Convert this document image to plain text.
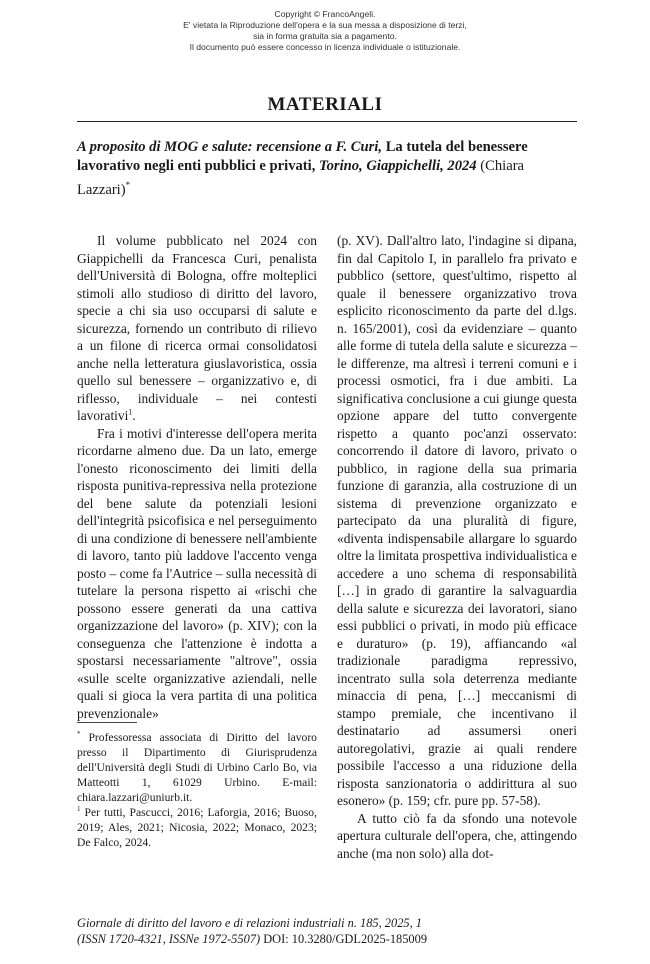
Copyright © FrancoAngeli.
E' vietata la Riproduzione dell'opera e la sua messa a disposizione di terzi,
sia in forma gratuita sia a pagamento.
Il documento può essere concesso in licenza individuale o istituzionale.
MATERIALI
A proposito di MOG e salute: recensione a F. Curi, La tutela del benessere lavorativo negli enti pubblici e privati, Torino, Giappichelli, 2024 (Chiara Lazzari)*

Il volume pubblicato nel 2024 con Giappichelli da Francesca Curi, penalista dell'Università di Bologna, offre molteplici stimoli allo studioso di diritto del lavoro, specie a chi sia uso occuparsi di salute e sicurezza, fornendo un contributo di rilievo a un filone di ricerca ormai consolidatosi anche nella letteratura giuslavoristica, ossia quello sul benessere – organizzativo e, di riflesso, individuale – nei contesti lavorativi$^1$.

Fra i motivi d'interesse dell'opera merita ricordarne almeno due. Da un lato, emerge l'onesto riconoscimento dei limiti della risposta punitiva-repressiva nella protezione del bene salute da potenziali lesioni dell'integrità psicofisica e nel perseguimento di una condizione di benessere nell'ambiente di lavoro, tanto più laddove l'accento venga posto – come fa l'Autrice – sulla necessità di tutelare la persona rispetto ai «rischi che possono essere generati da una cattiva organizzazione del lavoro» (p. XIV); con la conseguenza che l'attenzione è indotta a spostarsi necessariamente "altrove", ossia «sulle scelte organizzative aziendali, nelle quali si gioca la vera partita di una politica prevenzionale»

(p. XV). Dall'altro lato, l'indagine si dipana, fin dal Capitolo I, in parallelo fra privato e pubblico (settore, quest'ultimo, rispetto al quale il benessere organizzativo trova esplicito riconoscimento da parte del d.lgs. n. 165/2001), così da evidenziare – quanto alle forme di tutela della salute e sicurezza – le differenze, ma altresì i terreni comuni e i processi osmotici, fra i due ambiti. La significativa conclusione a cui giunge questa opzione appare del tutto convergente rispetto a quanto poc'anzi osservato: concorrendo il datore di lavoro, privato o pubblico, in ragione della sua primaria funzione di garanzia, alla costruzione di un sistema di prevenzione organizzato e partecipato da una pluralità di figure, «diventa indispensabile allargare lo sguardo oltre la limitata prospettiva individualistica e accedere a uno schema di responsabilità […] in grado di garantire la salvaguardia della salute e sicurezza dei lavoratori, siano essi pubblici o privati, in modo più efficace e duraturo» (p. 19), affiancando «al tradizionale paradigma repressivo, incentrato sulla sola deterrenza mediante minaccia di pena, […] meccanismi di stampo premiale, che incentivano il destinatario ad assumersi oneri autoregolativi, grazie ai quali rendere possibile l'accesso a una riduzione della risposta sanzionatoria o addirittura al suo esonero» (p. 159; cfr. pure pp. 57-58).

A tutto ciò fa da sfondo una notevole apertura culturale dell'opera, che, attingendo anche (ma non solo) alla dot-

* Professoressa associata di Diritto del lavoro presso il Dipartimento di Giurisprudenza dell'Università degli Studi di Urbino Carlo Bo, via Matteotti 1, 61029 Urbino. E-mail: chiara.lazzari@uniurb.it.

$^1$ Per tutti, Pascucci, 2016; Laforgia, 2016; Buoso, 2019; Ales, 2021; Nicosia, 2022; Monaco, 2023; De Falco, 2024.

Giornale di diritto del lavoro e di relazioni industriali n. 185, 2025, 1
(ISSN 1720-4321, ISSNe 1972-5507) DOI: 10.3280/GDL2025-185009
